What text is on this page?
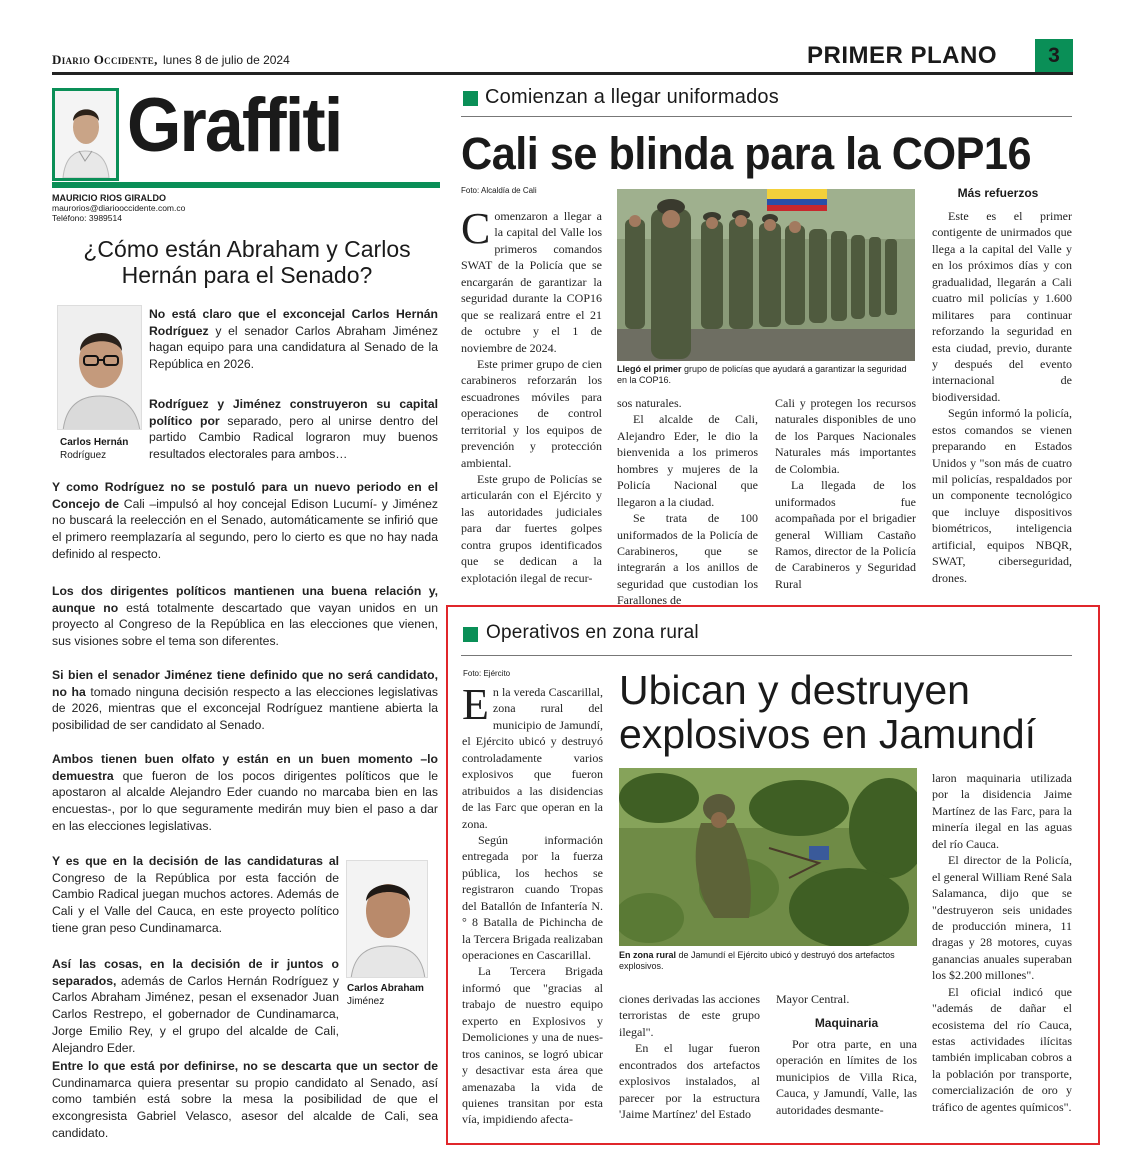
Diario Occidente, lunes 8 de julio de 2024	PRIMER PLANO	3
Graffiti
MAURICIO RIOS GIRALDO
maurorios@diariooccidente.com.co
Teléfono: 3989514
¿Cómo están Abraham y Carlos Hernán para el Senado?
Carlos Hernán
Rodríguez
Carlos Abraham
Jiménez
No está claro que el exconcejal Carlos Hernán Rodríguez y el senador Carlos Abraham Jiménez hagan equipo para una candidatura al Senado de la República en 2026.
Rodríguez y Jiménez construyeron su capital político por separado, pero al unirse dentro del partido Cambio Radical lograron muy buenos resultados electorales para ambos…
Y como Rodríguez no se postuló para un nuevo periodo en el Concejo de Cali –impulsó al hoy concejal Edison Lucumí- y Jiménez no buscará la reelección en el Senado, automáticamente se infirió que el primero reemplazaría al segundo, pero lo cierto es que no hay nada definido al respecto.
Los dos dirigentes políticos mantienen una buena relación y, aunque no está totalmente descartado que vayan unidos en un proyecto al Congreso de la República en las elecciones que vienen, sus visiones sobre el tema son diferentes.
Si bien el senador Jiménez tiene definido que no será candidato, no ha tomado ninguna decisión respecto a las elecciones legislativas de 2026, mientras que el exconcejal Rodríguez mantiene abierta la posibilidad de ser candidato al Senado.
Ambos tienen buen olfato y están en un buen momento –lo demuestra que fueron de los pocos dirigentes políticos que le apostaron al alcalde Alejandro Eder cuando no marcaba bien en las encuestas-, por lo que seguramente medirán muy bien el paso a dar en las elecciones legislativas.
Y es que en la decisión de las candidaturas al Congreso de la República por esta facción de Cambio Radical juegan muchos actores. Además de Cali y el Valle del Cauca, en este proyecto político tiene gran peso Cundinamarca.
Así las cosas, en la decisión de ir juntos o separados, además de Carlos Hernán Rodríguez y Carlos Abraham Jiménez, pesan el exsenador Juan Carlos Restrepo, el gobernador de Cundinamarca, Jorge Emilio Rey, y el grupo del alcalde de Cali, Alejandro Eder.
Entre lo que está por definirse, no se descarta que un sector de Cundinamarca quiera presentar su propio candidato al Senado, así como también está sobre la mesa la posibilidad de que el excongresista Gabriel Velasco, asesor del alcalde de Cali, sea candidato.
Comienzan a llegar uniformados
Cali se blinda para la COP16
Foto: Alcaldía de Cali
Llegó el primer grupo de policías que ayudará a garantizar la seguridad en la COP16.
Más refuerzos

Comenzaron a llegar a la capital del Valle los primeros comandos SWAT de la Policía que se encargarán de garantizar la seguridad durante la COP16 que se realizará entre el 21 de octubre y el 1 de noviembre de 2024.

Este primer grupo de cien carabineros reforzarán los escuadrones móviles para operaciones de control territorial y los equipos de prevención y protección ambiental.

Este grupo de Policías se articularán con el Ejército y las autoridades judiciales para dar fuertes golpes contra grupos identificados que se dedican a la explotación ilegal de recur-

sos naturales.

El alcalde de Cali, Alejandro Eder, le dio la bienvenida a los primeros hombres y mujeres de la Policía Nacional que llegaron a la ciudad.

Se trata de 100 uniformados de la Policía de Carabineros, que se integrarán a los anillos de seguridad que custodian los Farallones de

Cali y protegen los recursos naturales disponibles de uno de los Parques Nacionales Naturales más importantes de Colombia.

La llegada de los uniformados fue acompañada por el brigadier general William Castaño Ramos, director de la Policía de Carabineros y Seguridad Rural

Este es el primer contigente de unirmados que llega a la capital del Valle y en los próximos días y con gradualidad, llegarán a Cali cuatro mil policías y 1.600 militares para continuar reforzando la seguridad en esta ciudad, previo, durante y después del evento internacional de biodiversidad.

Según informó la policía, estos comandos se vienen preparando en Estados Unidos y "son más de cuatro mil policías, respaldados por un componente tecnológico que incluye dispositivos biométricos, inteligencia artificial, equipos NBQR, SWAT, ciberseguridad, drones.

Operativos en zona rural
Foto: Ejército	Ubican y destruyen
explosivos en Jamundí
En zona rural de Jamundí el Ejército ubicó y destruyó dos artefactos explosivos.

En la vereda Cascarillal, zona rural del municipio de Jamundí, el Ejército ubicó y destruyó controladamente varios explosivos que fueron atribuidos a las disidencias de las Farc que operan en la zona.

Según información entregada por la fuerza pública, los hechos se registraron cuando Tropas del Batallón de Infantería N.° 8 Batalla de Pichincha de la Tercera Brigada realizaban operaciones en Cascarillal.

La Tercera Brigada informó que "gracias al trabajo de nuestro equipo experto en Explosivos y Demoliciones y una de nues-tros caninos, se logró ubicar y desactivar esta área que amenazaba la vida de quienes transitan por esta vía, impidiendo afecta-

ciones derivadas las acciones terroristas de este grupo ilegal".

En el lugar fueron encontrados dos artefactos explosivos instalados, al parecer por la estructura 'Jaime Martínez' del Estado

Mayor Central.

Maquinaria

Por otra parte, en una operación en límites de los municipios de Villa Rica, Cauca, y Jamundí, Valle, las autoridades desmante-

laron maquinaria utilizada por la disidencia Jaime Martínez de las Farc, para la minería ilegal en las aguas del río Cauca.

El director de la Policía, el general William René Sala Salamanca, dijo que se "destruyeron seis unidades de producción minera, 11 dragas y 28 motores, cuyas ganancias anuales superaban los $2.200 millones".

El oficial indicó que "además de dañar el ecosistema del río Cauca, estas actividades ilícitas también implicaban cobros a la población por transporte, comercialización de oro y tráfico de agentes químicos".
